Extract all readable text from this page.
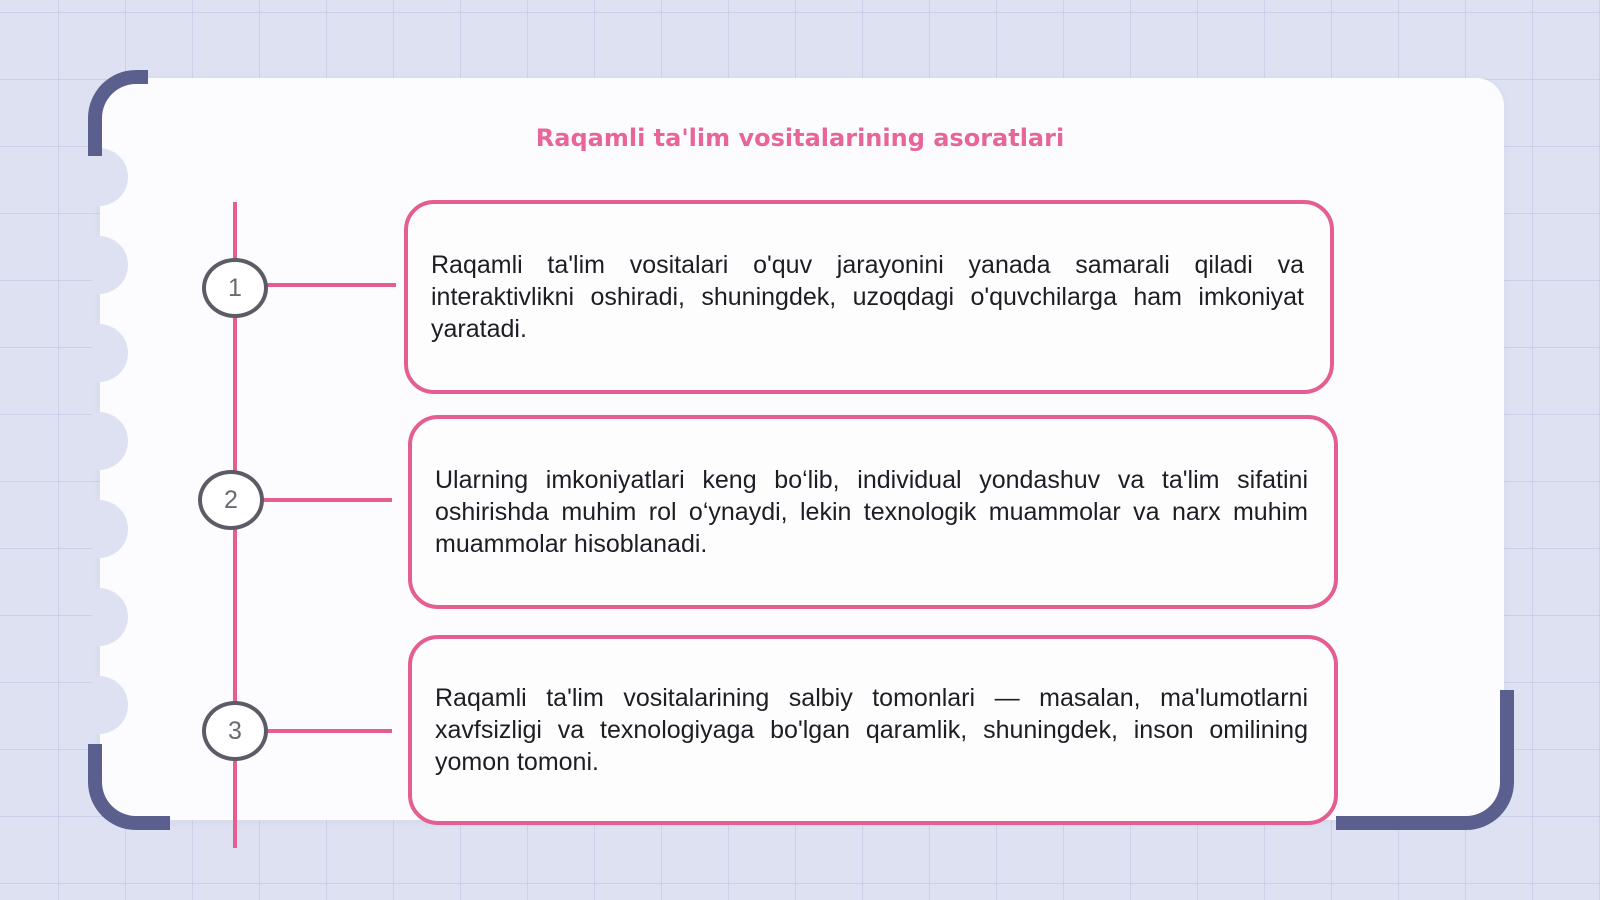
Raqamli ta'lim vositalarining asoratlari
1
2
3

Raqamli ta'lim vositalari o'quv jarayonini yanada samarali qiladi va interaktivlikni oshiradi, shuningdek, uzoqdagi o'quvchilarga ham imkoniyat yaratadi.

Ularning imkoniyatlari keng bo‘lib, individual yondashuv va ta'lim sifatini oshirishda muhim rol o‘ynaydi, lekin texnologik muammolar va narx muhim muammolar hisoblanadi.

Raqamli ta'lim vositalarining salbiy tomonlari — masalan, ma'lumotlarni xavfsizligi va texnologiyaga bo'lgan qaramlik, shuningdek, inson omilining yomon tomoni.
